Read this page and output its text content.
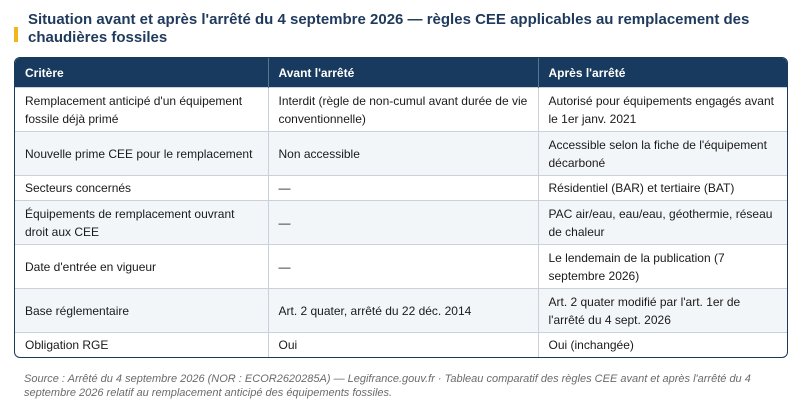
Situation avant et après l'arrêté du 4 septembre 2026 — règles CEE applicables au remplacement des chaudières fossiles
Critère	Avant l'arrêté	Après l'arrêté
Remplacement anticipé d'un équipement fossile déjà primé	Interdit (règle de non-cumul avant durée de vie conventionnelle)	Autorisé pour équipements engagés avant le 1er janv. 2021
Nouvelle prime CEE pour le remplacement	Non accessible	Accessible selon la fiche de l'équipement décarboné
Secteurs concernés	—	Résidentiel (BAR) et tertiaire (BAT)
Équipements de remplacement ouvrant droit aux CEE	—	PAC air/eau, eau/eau, géothermie, réseau de chaleur
Date d'entrée en vigueur	—	Le lendemain de la publication (7 septembre 2026)
Base réglementaire	Art. 2 quater, arrêté du 22 déc. 2014	Art. 2 quater modifié par l'art. 1er de l'arrêté du 4 sept. 2026
Obligation RGE	Oui	Oui (inchangée)
Source : Arrêté du 4 septembre 2026 (NOR : ECOR2620285A) — Legifrance.gouv.fr · Tableau comparatif des règles CEE avant et après l'arrêté du 4 septembre 2026 relatif au remplacement anticipé des équipements fossiles.
